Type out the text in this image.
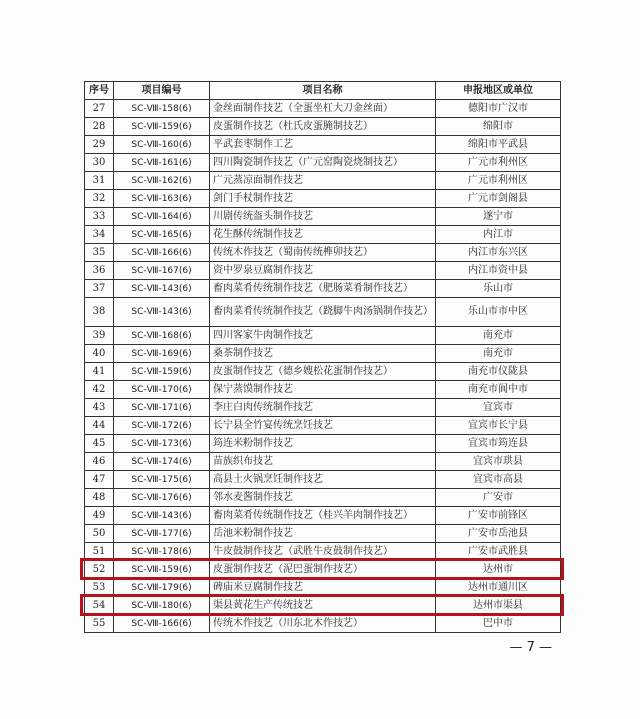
序号	项目编号	项目名称	申报地区或单位
27	SC-Ⅷ-158(6)	金丝面制作技艺（全蛋坐杠大刀金丝面）	德阳市广汉市
28	SC-Ⅷ-159(6)	皮蛋制作技艺（杜氏皮蛋腌制技艺）	绵阳市
29	SC-Ⅷ-160(6)	平武套枣制作工艺	绵阳市平武县
30	SC-Ⅷ-161(6)	四川陶瓷制作技艺（广元窑陶瓷烧制技艺）	广元市利州区
31	SC-Ⅷ-162(6)	广元蒸凉面制作技艺	广元市利州区
32	SC-Ⅷ-163(6)	剑门手杖制作技艺	广元市剑阁县
33	SC-Ⅷ-164(6)	川剧传统盔头制作技艺	遂宁市
34	SC-Ⅷ-165(6)	花生酥传统制作技艺	内江市
35	SC-Ⅷ-166(6)	传统木作技艺（蜀南传统榫卯技艺）	内江市东兴区
36	SC-Ⅷ-167(6)	资中罗泉豆腐制作技艺	内江市资中县
37	SC-Ⅷ-143(6)	畜肉菜肴传统制作技艺（肥肠菜肴制作技艺）	乐山市
38	SC-Ⅷ-143(6)	畜肉菜肴传统制作技艺（跷脚牛肉汤锅制作技艺）	乐山市市中区
39	SC-Ⅷ-168(6)	四川客家牛肉制作技艺	南充市
40	SC-Ⅷ-169(6)	桑茶制作技艺	南充市
41	SC-Ⅷ-159(6)	皮蛋制作技艺（德乡嫂松花蛋制作技艺）	南充市仪陇县
42	SC-Ⅷ-170(6)	保宁蒸馍制作技艺	南充市阆中市
43	SC-Ⅷ-171(6)	李庄白肉传统制作技艺	宜宾市
44	SC-Ⅷ-172(6)	长宁县全竹宴传统烹饪技艺	宜宾市长宁县
45	SC-Ⅷ-173(6)	筠连米粉制作技艺	宜宾市筠连县
46	SC-Ⅷ-174(6)	苗族织布技艺	宜宾市珙县
47	SC-Ⅷ-175(6)	高县土火锅烹饪制作技艺	宜宾市高县
48	SC-Ⅷ-176(6)	邻水麦酱制作技艺	广安市
49	SC-Ⅷ-143(6)	畜肉菜肴传统制作技艺（桂兴羊肉制作技艺）	广安市前锋区
50	SC-Ⅷ-177(6)	岳池米粉制作技艺	广安市岳池县
51	SC-Ⅷ-178(6)	牛皮鼓制作技艺（武胜牛皮鼓制作技艺）	广安市武胜县
52	SC-Ⅷ-159(6)	皮蛋制作技艺（泥巴蛋制作技艺）	达州市
53	SC-Ⅷ-179(6)	碑庙米豆腐制作技艺	达州市通川区
54	SC-Ⅷ-180(6)	渠县黄花生产传统技艺	达州市渠县
55	SC-Ⅷ-166(6)	传统木作技艺（川东北木作技艺）	巴中市
— 7 —
